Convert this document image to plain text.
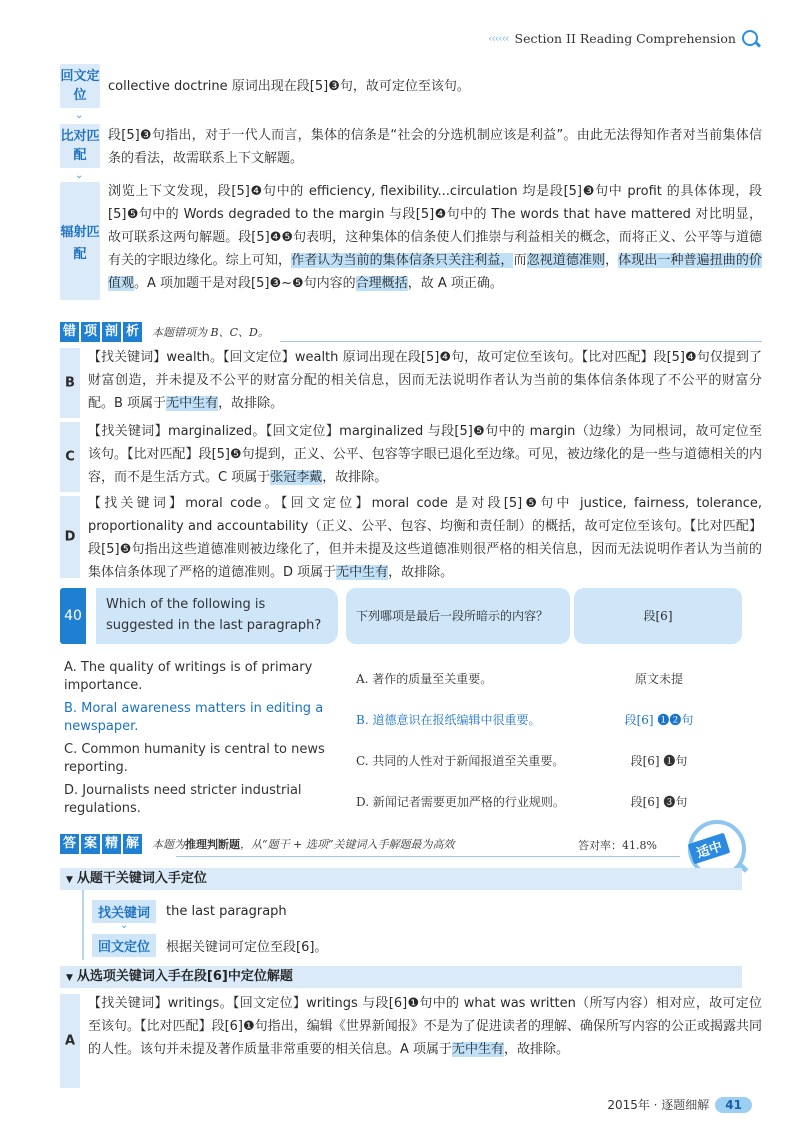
‹‹‹‹‹‹ Section II Reading Comprehension
回文定位
⌄
collective doctrine 原词出现在段[5]❸句，故可定位至该句。
比对匹配
⌄
段[5]❸句指出，对于一代人而言，集体的信条是“社会的分选机制应该是利益”。由此无法得知作者对当前集体信条的看法，故需联系上下文解题。
辐射匹配
浏览上下文发现，段[5]❹句中的 efficiency, flexibility...circulation 均是段[5]❸句中 profit 的具体体现，段[5]❺句中的 Words degraded to the margin 与段[5]❹句中的 The words that have mattered 对比明显，故可联系这两句解题。段[5]❹❺句表明，这种集体的信条使人们推崇与利益相关的概念，而将正义、公平等与道德有关的字眼边缘化。综上可知，作者认为当前的集体信条只关注利益，而忽视道德准则，体现出一种普遍扭曲的价值观。A 项加题干是对段[5]❸~❺句内容的合理概括，故 A 项正确。
错 项 剖 析 本题错项为 B、C、D。
B
【找关键词】wealth。【回文定位】wealth 原词出现在段[5]❹句，故可定位至该句。【比对匹配】段[5]❹句仅提到了财富创造，并未提及不公平的财富分配的相关信息，因而无法说明作者认为当前的集体信条体现了不公平的财富分配。B 项属于无中生有，故排除。
C
【找关键词】marginalized。【回文定位】marginalized 与段[5]❺句中的 margin（边缘）为同根词，故可定位至该句。【比对匹配】段[5]❺句提到，正义、公平、包容等字眼已退化至边缘。可见，被边缘化的是一些与道德相关的内容，而不是生活方式。C 项属于张冠李戴，故排除。
D
【找关键词】moral code。【回文定位】moral code 是对段[5]❺句中 justice, fairness, tolerance, proportionality and accountability（正义、公平、包容、均衡和责任制）的概括，故可定位至该句。【比对匹配】段[5]❺句指出这些道德准则被边缘化了，但并未提及这些道德准则很严格的相关信息，因而无法说明作者认为当前的集体信条体现了严格的道德准则。D 项属于无中生有，故排除。
40
Which of the following is suggested in the last paragraph?
下列哪项是最后一段所暗示的内容？	段[6]
A. The quality of writings is of primary importance.	A. 著作的质量至关重要。	原文未提
B. Moral awareness matters in editing a newspaper.	B. 道德意识在报纸编辑中很重要。	段[6] ❶❷句
C. Common humanity is central to news reporting.	C. 共同的人性对于新闻报道至关重要。	段[6] ❶句
D. Journalists need stricter industrial regulations.	D. 新闻记者需要更加严格的行业规则。	段[6] ❸句
答 案 精 解 本题为推理判断题，从“题干 + 选项”关键词入手解题最为高效	答对率：41.8%	适中
▼ 从题干关键词入手定位
找关键词	the last paragraph
⌄
回文定位	根据关键词可定位至段[6]。
▼ 从选项关键词入手在段[6]中定位解题
A
【找关键词】writings。【回文定位】writings 与段[6]❶句中的 what was written（所写内容）相对应，故可定位至该句。【比对匹配】段[6]❶句指出，编辑《世界新闻报》不是为了促进读者的理解、确保所写内容的公正或揭露共同的人性。该句并未提及著作质量非常重要的相关信息。A 项属于无中生有，故排除。
2015年 · 逐题细解	41
